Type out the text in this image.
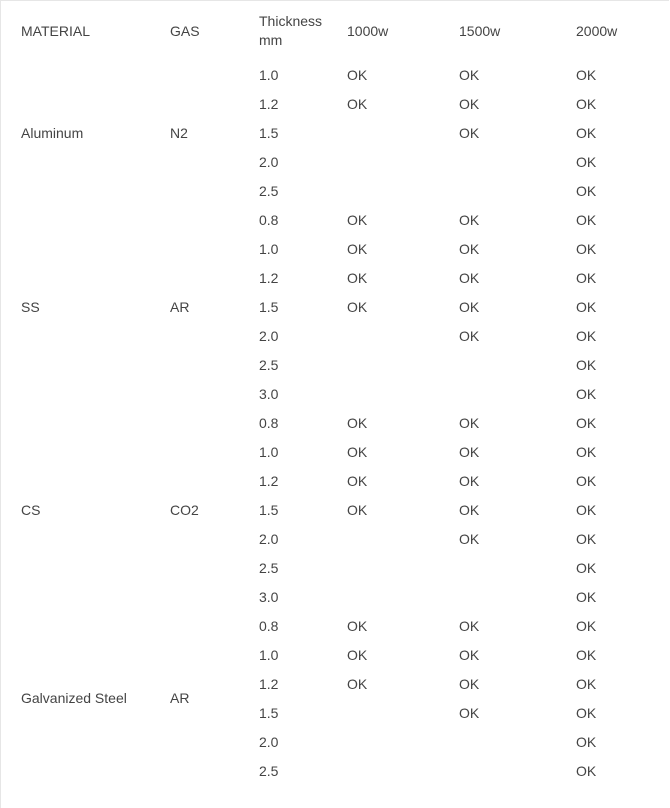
MATERIAL	GAS	Thickness mm	1000w	1500w	2000w

Aluminum	N2	1.0	OK	OK	OK
		1.2	OK	OK	OK
		1.5		OK	OK
		2.0			OK
		2.5			OK
SS	AR	0.8	OK	OK	OK
		1.0	OK	OK	OK
		1.2	OK	OK	OK
		1.5	OK	OK	OK
		2.0		OK	OK
		2.5			OK
		3.0			OK
CS	CO2	0.8	OK	OK	OK
		1.0	OK	OK	OK
		1.2	OK	OK	OK
		1.5	OK	OK	OK
		2.0		OK	OK
		2.5			OK
		3.0			OK
Galvanized Steel	AR	0.8	OK	OK	OK
		1.0	OK	OK	OK
		1.2	OK	OK	OK
		1.5		OK	OK
		2.0			OK
		2.5			OK
